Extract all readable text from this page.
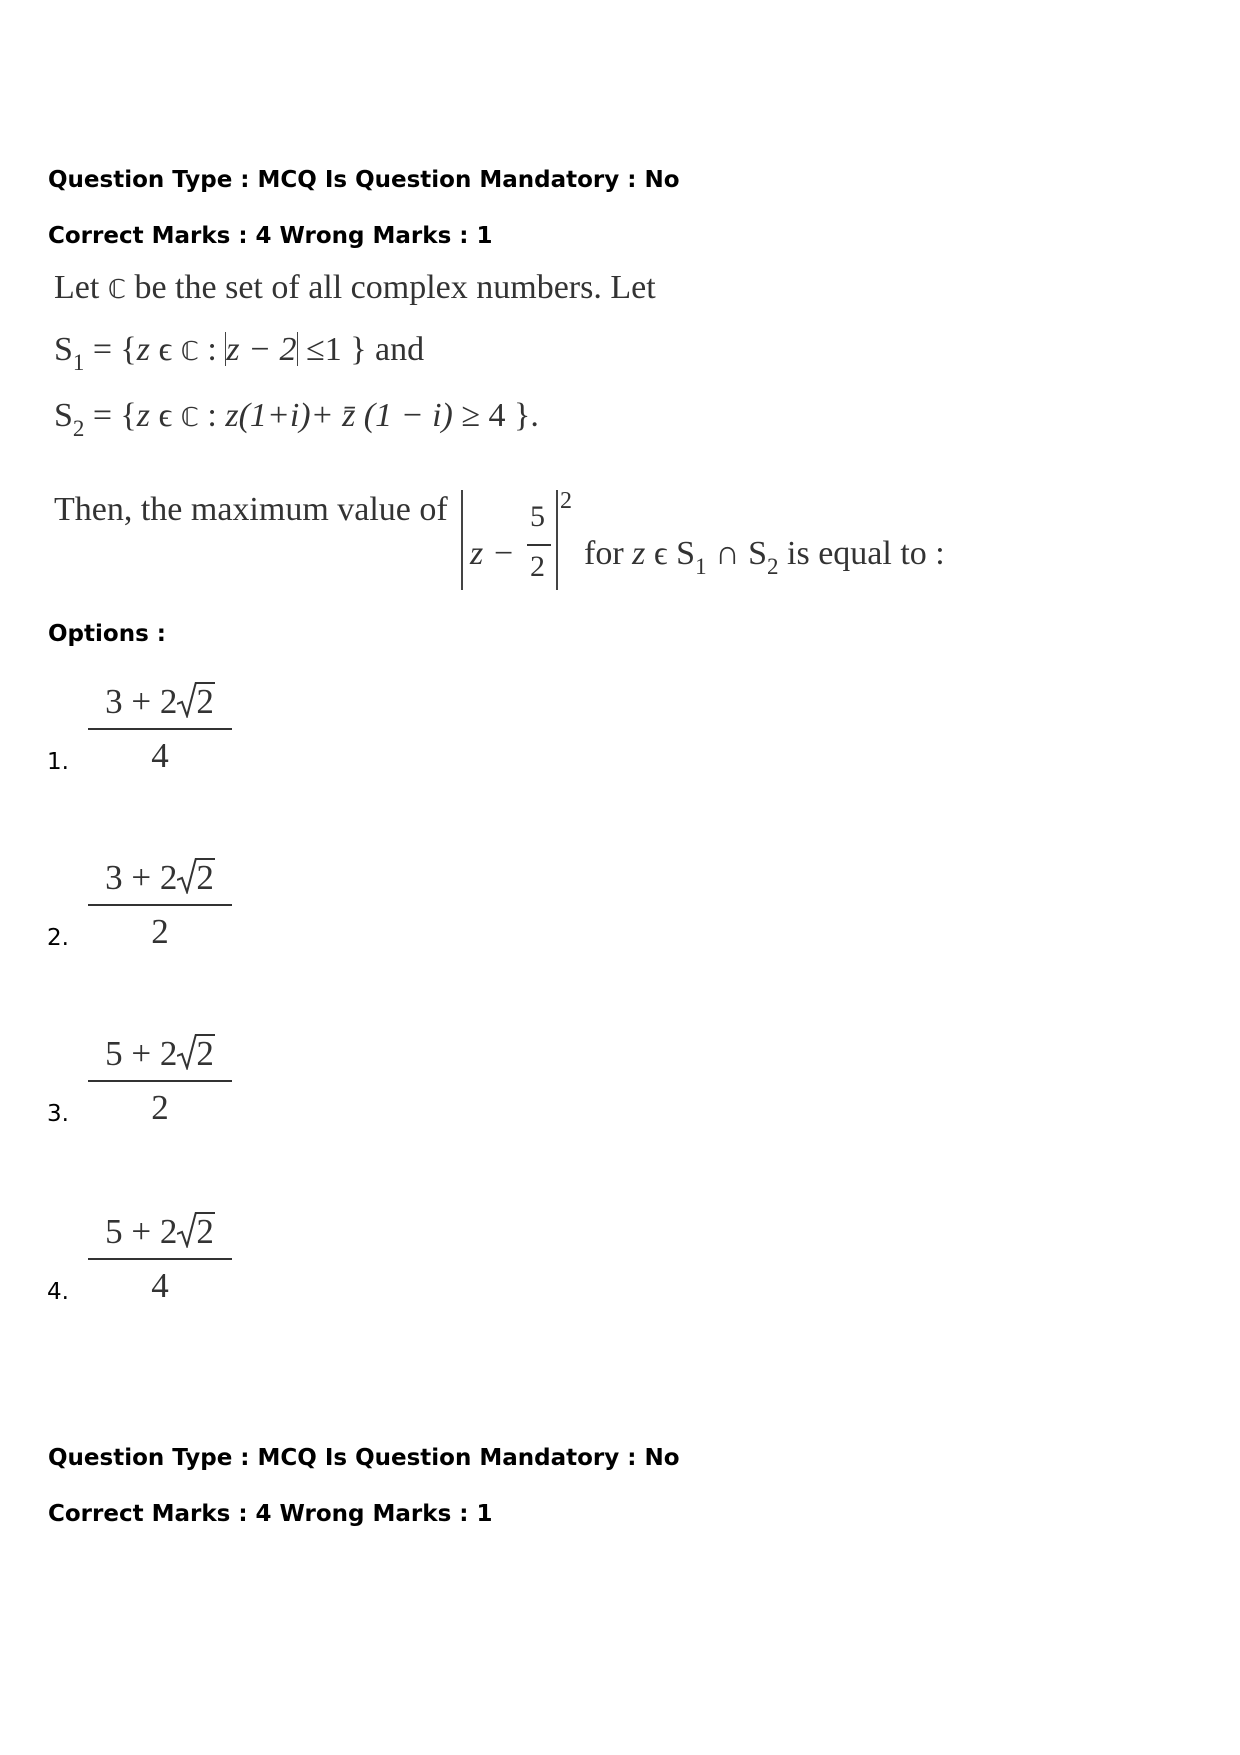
Question Type : MCQ Is Question Mandatory : No
Correct Marks : 4 Wrong Marks : 1
Let ℂ be the set of all complex numbers. Let
$S_1 = \{z$ ϵ ℂ : z − 2 ≤1 } and
$S_2 = \{z$ ϵ ℂ : z(1+i)+ z̄ (1 − i) ≥ 4 }.
Then, the maximum value of
z −
5
2
2
for z ϵ $S_1$ ∩ $S_2$ is equal to :
Options :
1.
3 + 2 2
4
2.
3 + 2 2
2
3.
5 + 2 2
2
4.
5 + 2 2
4
Question Type : MCQ Is Question Mandatory : No
Correct Marks : 4 Wrong Marks : 1
